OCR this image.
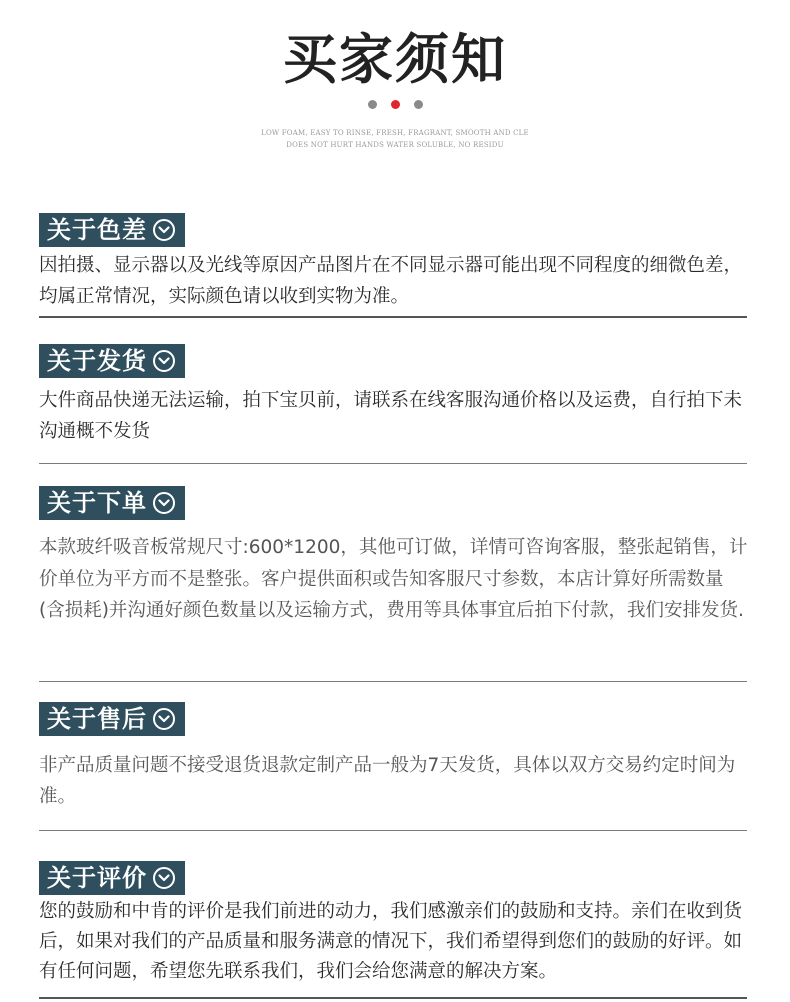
买家须知
LOW FOAM, EASY TO RINSE, FRESH, FRAGRANT, SMOOTH AND CLE
DOES NOT HURT HANDS WATER SOLUBLE, NO RESIDU
关于色差
因拍摄、显示器以及光线等原因产品图片在不同显示器可能出现不同程度的细微色差，均属正常情况，实际颜色请以收到实物为准。
关于发货
大件商品快递无法运输，拍下宝贝前，请联系在线客服沟通价格以及运费，自行拍下未沟通概不发货
关于下单
本款玻纤吸音板常规尺寸:600*1200，其他可订做，详情可咨询客服，整张起销售，计价单位为平方而不是整张。客户提供面积或告知客服尺寸参数，本店计算好所需数量(含损耗)并沟通好颜色数量以及运输方式，费用等具体事宜后拍下付款，我们安排发货.
关于售后
非产品质量问题不接受退货退款定制产品一般为7天发货，具体以双方交易约定时间为准。
关于评价
您的鼓励和中肯的评价是我们前进的动力，我们感激亲们的鼓励和支持。亲们在收到货后，如果对我们的产品质量和服务满意的情况下，我们希望得到您们的鼓励的好评。如有任何问题，希望您先联系我们，我们会给您满意的解决方案。
